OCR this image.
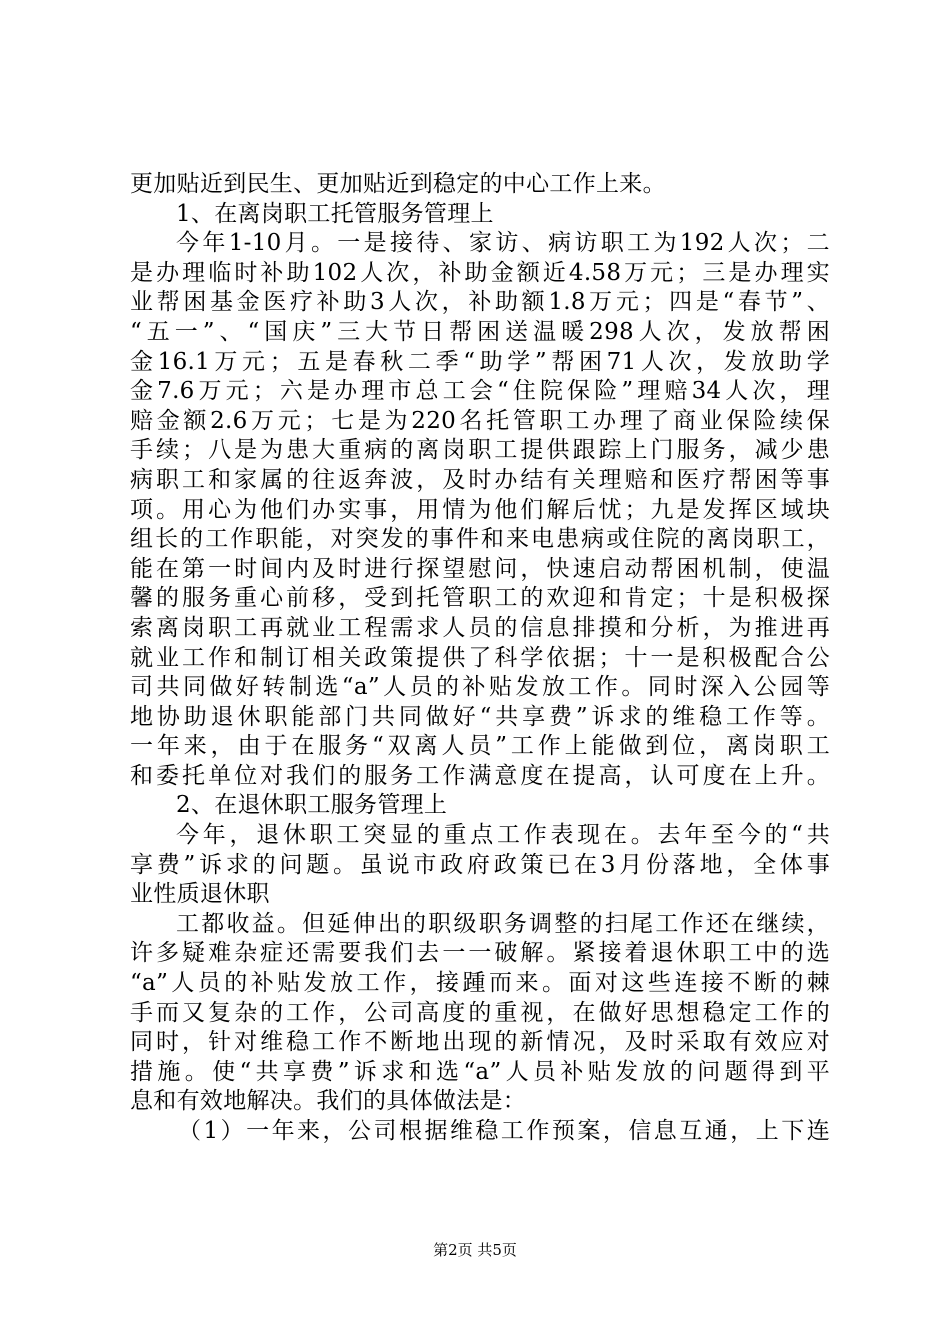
更加贴近到民生、更加贴近到稳定的中心工作上来。
1、在离岗职工托管服务管理上
今年1-10月。一是接待、家访、病访职工为192人次；二
是办理临时补助102人次，补助金额近4.58万元；三是办理实
业帮困基金医疗补助3人次，补助额1.8万元；四是“春节”、
“五一”、“国庆”三大节日帮困送温暖298人次，发放帮困
金16.1万元；五是春秋二季“助学”帮困71人次，发放助学
金7.6万元；六是办理市总工会“住院保险”理赔34人次，理
赔金额2.6万元；七是为220名托管职工办理了商业保险续保
手续；八是为患大重病的离岗职工提供跟踪上门服务，减少患
病职工和家属的往返奔波，及时办结有关理赔和医疗帮困等事
项。用心为他们办实事，用情为他们解后忧；九是发挥区域块
组长的工作职能，对突发的事件和来电患病或住院的离岗职工，
能在第一时间内及时进行探望慰问，快速启动帮困机制，使温
馨的服务重心前移，受到托管职工的欢迎和肯定；十是积极探
索离岗职工再就业工程需求人员的信息排摸和分析，为推进再
就业工作和制订相关政策提供了科学依据；十一是积极配合公
司共同做好转制选“a”人员的补贴发放工作。同时深入公园等
地协助退休职能部门共同做好“共享费”诉求的维稳工作等。
一年来，由于在服务“双离人员”工作上能做到位，离岗职工
和委托单位对我们的服务工作满意度在提高，认可度在上升。
2、在退休职工服务管理上
今年，退休职工突显的重点工作表现在。去年至今的“共
享费”诉求的问题。虽说市政府政策已在3月份落地，全体事
业性质退休职
工都收益。但延伸出的职级职务调整的扫尾工作还在继续，
许多疑难杂症还需要我们去一一破解。紧接着退休职工中的选
“a”人员的补贴发放工作，接踵而来。面对这些连接不断的棘
手而又复杂的工作，公司高度的重视，在做好思想稳定工作的
同时，针对维稳工作不断地出现的新情况，及时采取有效应对
措施。使“共享费”诉求和选“a”人员补贴发放的问题得到平
息和有效地解决。我们的具体做法是：
（1）一年来，公司根据维稳工作预案，信息互通，上下连
第2页 共5页
